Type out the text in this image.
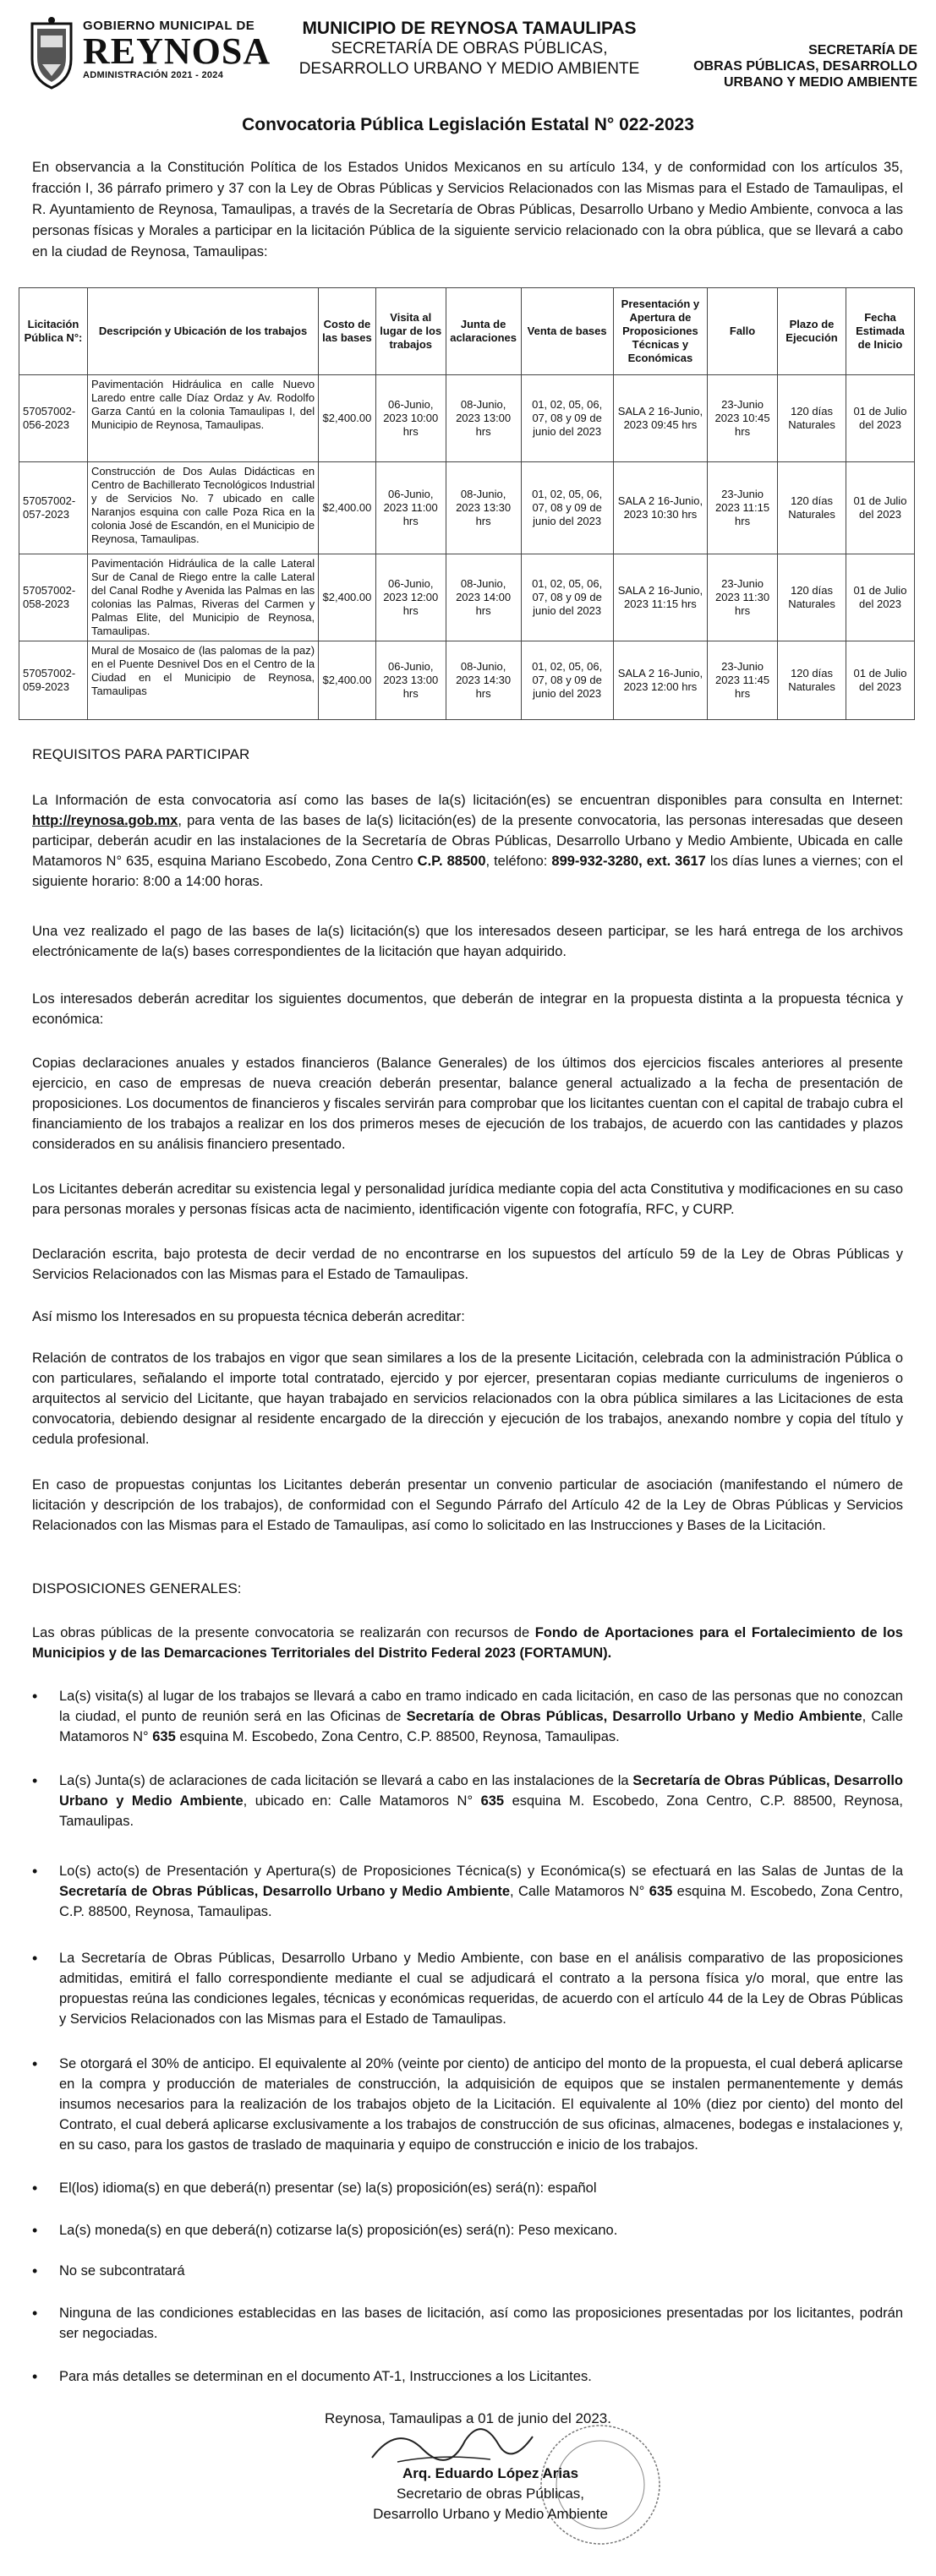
GOBIERNO MUNICIPAL DE
REYNOSA
ADMINISTRACIÓN 2021 - 2024
MUNICIPIO DE REYNOSA TAMAULIPAS
SECRETARÍA DE OBRAS PÚBLICAS,
DESARROLLO URBANO Y MEDIO AMBIENTE
SECRETARÍA DE
OBRAS PÚBLICAS, DESARROLLO
URBANO Y MEDIO AMBIENTE
Convocatoria Pública Legislación Estatal N° 022-2023
En observancia a la Constitución Política de los Estados Unidos Mexicanos en su artículo 134, y de conformidad con los artículos 35, fracción I, 36 párrafo primero y 37 con la Ley de Obras Públicas y Servicios Relacionados con las Mismas para el Estado de Tamaulipas, el R. Ayuntamiento de Reynosa, Tamaulipas, a través de la Secretaría de Obras Públicas, Desarrollo Urbano y Medio Ambiente, convoca a las personas físicas y Morales a participar en la licitación Pública de la siguiente servicio relacionado con la obra pública, que se llevará a cabo en la ciudad de Reynosa, Tamaulipas:
Licitación Pública N°:	Descripción y Ubicación de los trabajos	Costo de las bases	Visita al lugar de los trabajos	Junta de aclaraciones	Venta de bases	Presentación y Apertura de Proposiciones Técnicas y Económicas	Fallo	Plazo de Ejecución	Fecha Estimada de Inicio
57057002-056-2023	Pavimentación Hidráulica en calle Nuevo Laredo entre calle Díaz Ordaz y Av. Rodolfo Garza Cantú en la colonia Tamaulipas I, del Municipio de Reynosa, Tamaulipas.	$2,400.00	06-Junio, 2023 10:00 hrs	08-Junio, 2023 13:00 hrs	01, 02, 05, 06, 07, 08 y 09 de junio del 2023	SALA 2 16-Junio, 2023 09:45 hrs	23-Junio 2023 10:45 hrs	120 días Naturales	01 de Julio del 2023
57057002-057-2023	Construcción de Dos Aulas Didácticas en Centro de Bachillerato Tecnológicos Industrial y de Servicios No. 7 ubicado en calle Naranjos esquina con calle Poza Rica en la colonia José de Escandón, en el Municipio de Reynosa, Tamaulipas.	$2,400.00	06-Junio, 2023 11:00 hrs	08-Junio, 2023 13:30 hrs	01, 02, 05, 06, 07, 08 y 09 de junio del 2023	SALA 2 16-Junio, 2023 10:30 hrs	23-Junio 2023 11:15 hrs	120 días Naturales	01 de Julio del 2023
57057002-058-2023	Pavimentación Hidráulica de la calle Lateral Sur de Canal de Riego entre la calle Lateral del Canal Rodhe y Avenida las Palmas en las colonias las Palmas, Riveras del Carmen y Palmas Elite, del Municipio de Reynosa, Tamaulipas.	$2,400.00	06-Junio, 2023 12:00 hrs	08-Junio, 2023 14:00 hrs	01, 02, 05, 06, 07, 08 y 09 de junio del 2023	SALA 2 16-Junio, 2023 11:15 hrs	23-Junio 2023 11:30 hrs	120 días Naturales	01 de Julio del 2023
57057002-059-2023	Mural de Mosaico de (las palomas de la paz) en el Puente Desnivel Dos en el Centro de la Ciudad en el Municipio de Reynosa, Tamaulipas	$2,400.00	06-Junio, 2023 13:00 hrs	08-Junio, 2023 14:30 hrs	01, 02, 05, 06, 07, 08 y 09 de junio del 2023	SALA 2 16-Junio, 2023 12:00 hrs	23-Junio 2023 11:45 hrs	120 días Naturales	01 de Julio del 2023
REQUISITOS PARA PARTICIPAR
La Información de esta convocatoria así como las bases de la(s) licitación(es) se encuentran disponibles para consulta en Internet: http://reynosa.gob.mx, para venta de las bases de la(s) licitación(es) de la presente convocatoria, las personas interesadas que deseen participar, deberán acudir en las instalaciones de la Secretaría de Obras Públicas, Desarrollo Urbano y Medio Ambiente, Ubicada en calle Matamoros N° 635, esquina Mariano Escobedo, Zona Centro C.P. 88500, teléfono: 899-932-3280, ext. 3617 los días lunes a viernes; con el siguiente horario: 8:00 a 14:00 horas.
Una vez realizado el pago de las bases de la(s) licitación(s) que los interesados deseen participar, se les hará entrega de los archivos electrónicamente de la(s) bases correspondientes de la licitación que hayan adquirido.
Los interesados deberán acreditar los siguientes documentos, que deberán de integrar en la propuesta distinta a la propuesta técnica y económica:
Copias declaraciones anuales y estados financieros (Balance Generales) de los últimos dos ejercicios fiscales anteriores al presente ejercicio, en caso de empresas de nueva creación deberán presentar, balance general actualizado a la fecha de presentación de proposiciones. Los documentos de financieros y fiscales servirán para comprobar que los licitantes cuentan con el capital de trabajo cubra el financiamiento de los trabajos a realizar en los dos primeros meses de ejecución de los trabajos, de acuerdo con las cantidades y plazos considerados en su análisis financiero presentado.
Los Licitantes deberán acreditar su existencia legal y personalidad jurídica mediante copia del acta Constitutiva y modificaciones en su caso para personas morales y personas físicas acta de nacimiento, identificación vigente con fotografía, RFC, y CURP.
Declaración escrita, bajo protesta de decir verdad de no encontrarse en los supuestos del artículo 59 de la Ley de Obras Públicas y Servicios Relacionados con las Mismas para el Estado de Tamaulipas.
Así mismo los Interesados en su propuesta técnica deberán acreditar:
Relación de contratos de los trabajos en vigor que sean similares a los de la presente Licitación, celebrada con la administración Pública o con particulares, señalando el importe total contratado, ejercido y por ejercer, presentaran copias mediante curriculums de ingenieros o arquitectos al servicio del Licitante, que hayan trabajado en servicios relacionados con la obra pública similares a las Licitaciones de esta convocatoria, debiendo designar al residente encargado de la dirección y ejecución de los trabajos, anexando nombre y copia del título y cedula profesional.
En caso de propuestas conjuntas los Licitantes deberán presentar un convenio particular de asociación (manifestando el número de licitación y descripción de los trabajos), de conformidad con el Segundo Párrafo del Artículo 42 de la Ley de Obras Públicas y Servicios Relacionados con las Mismas para el Estado de Tamaulipas, así como lo solicitado en las Instrucciones y Bases de la Licitación.
DISPOSICIONES GENERALES:
Las obras públicas de la presente convocatoria se realizarán con recursos de Fondo de Aportaciones para el Fortalecimiento de los Municipios y de las Demarcaciones Territoriales del Distrito Federal 2023 (FORTAMUN).
• La(s) visita(s) al lugar de los trabajos se llevará a cabo en tramo indicado en cada licitación, en caso de las personas que no conozcan la ciudad, el punto de reunión será en las Oficinas de Secretaría de Obras Públicas, Desarrollo Urbano y Medio Ambiente, Calle Matamoros N° 635 esquina M. Escobedo, Zona Centro, C.P. 88500, Reynosa, Tamaulipas.
• La(s) Junta(s) de aclaraciones de cada licitación se llevará a cabo en las instalaciones de la Secretaría de Obras Públicas, Desarrollo Urbano y Medio Ambiente, ubicado en: Calle Matamoros N° 635 esquina M. Escobedo, Zona Centro, C.P. 88500, Reynosa, Tamaulipas.
• Lo(s) acto(s) de Presentación y Apertura(s) de Proposiciones Técnica(s) y Económica(s) se efectuará en las Salas de Juntas de la Secretaría de Obras Públicas, Desarrollo Urbano y Medio Ambiente, Calle Matamoros N° 635 esquina M. Escobedo, Zona Centro, C.P. 88500, Reynosa, Tamaulipas.
• La Secretaría de Obras Públicas, Desarrollo Urbano y Medio Ambiente, con base en el análisis comparativo de las proposiciones admitidas, emitirá el fallo correspondiente mediante el cual se adjudicará el contrato a la persona física y/o moral, que entre las propuestas reúna las condiciones legales, técnicas y económicas requeridas, de acuerdo con el artículo 44 de la Ley de Obras Públicas y Servicios Relacionados con las Mismas para el Estado de Tamaulipas.
• Se otorgará el 30% de anticipo. El equivalente al 20% (veinte por ciento) de anticipo del monto de la propuesta, el cual deberá aplicarse en la compra y producción de materiales de construcción, la adquisición de equipos que se instalen permanentemente y demás insumos necesarios para la realización de los trabajos objeto de la Licitación. El equivalente al 10% (diez por ciento) del monto del Contrato, el cual deberá aplicarse exclusivamente a los trabajos de construcción de sus oficinas, almacenes, bodegas e instalaciones y, en su caso, para los gastos de traslado de maquinaria y equipo de construcción e inicio de los trabajos.
• El(los) idioma(s) en que deberá(n) presentar (se) la(s) proposición(es) será(n): español
• La(s) moneda(s) en que deberá(n) cotizarse la(s) proposición(es) será(n): Peso mexicano.
• No se subcontratará
• Ninguna de las condiciones establecidas en las bases de licitación, así como las proposiciones presentadas por los licitantes, podrán ser negociadas.
• Para más detalles se determinan en el documento AT-1, Instrucciones a los Licitantes.
Reynosa, Tamaulipas a 01 de junio del 2023.
Arq. Eduardo López Arias
Secretario de obras Públicas,
Desarrollo Urbano y Medio Ambiente
